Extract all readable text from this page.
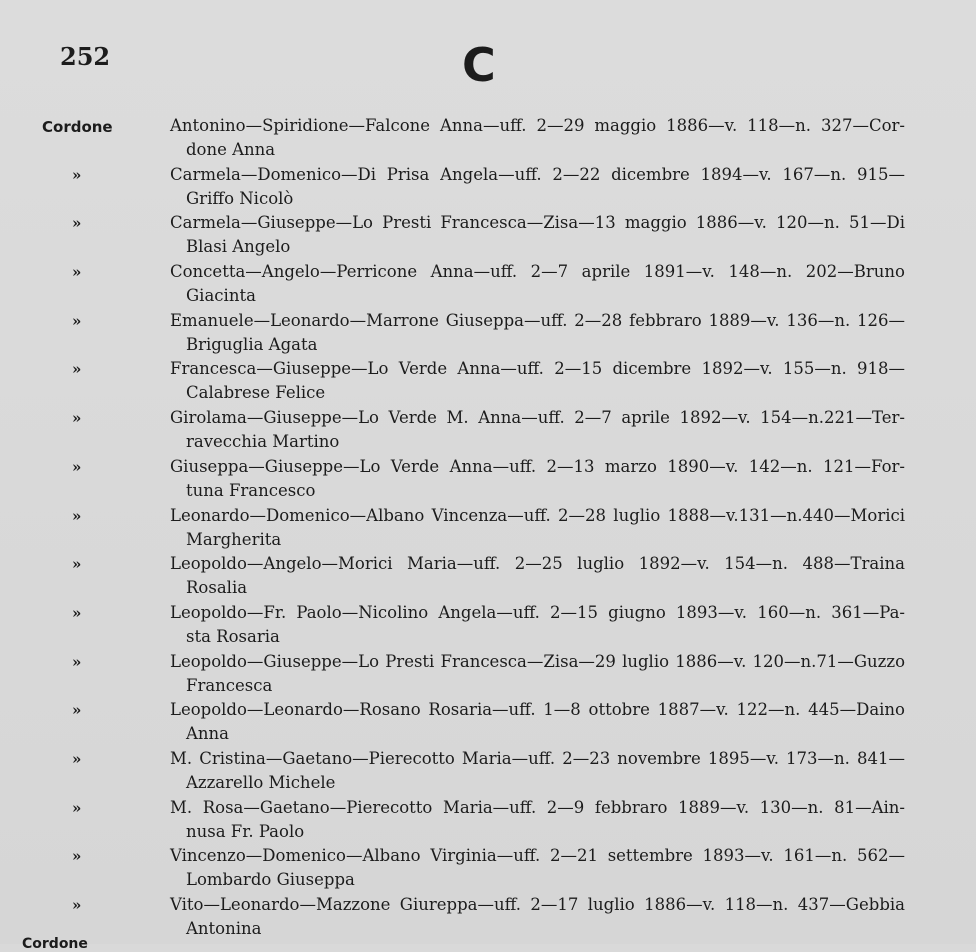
252	C
Cordone	Antonino—Spiridione—Falcone Anna—uff. 2—29 maggio 1886—v. 118—n. 327—Cor-
done Anna
»	Carmela—Domenico—Di Prisa Angela—uff. 2—22 dicembre 1894—v. 167—n. 915—
Griffo Nicolò
»	Carmela—Giuseppe—Lo Presti Francesca—Zisa—13 maggio 1886—v. 120—n. 51—Di
Blasi Angelo
»	Concetta—Angelo—Perricone Anna—uff. 2—7 aprile 1891—v. 148—n. 202—Bruno
Giacinta
»	Emanuele—Leonardo—Marrone Giuseppa—uff. 2—28 febbraro 1889—v. 136—n. 126—
Briguglia Agata
»	Francesca—Giuseppe—Lo Verde Anna—uff. 2—15 dicembre 1892—v. 155—n. 918—
Calabrese Felice
»	Girolama—Giuseppe—Lo Verde M. Anna—uff. 2—7 aprile 1892—v. 154—n.221—Ter-
ravecchia Martino
»	Giuseppa—Giuseppe—Lo Verde Anna—uff. 2—13 marzo 1890—v. 142—n. 121—For-
tuna Francesco
»	Leonardo—Domenico—Albano Vincenza—uff. 2—28 luglio 1888—v.131—n.440—Morici
Margherita
»	Leopoldo—Angelo—Morici Maria—uff. 2—25 luglio 1892—v. 154—n. 488—Traina
Rosalia
»	Leopoldo—Fr. Paolo—Nicolino Angela—uff. 2—15 giugno 1893—v. 160—n. 361—Pa-
sta Rosaria
»	Leopoldo—Giuseppe—Lo Presti Francesca—Zisa—29 luglio 1886—v. 120—n.71—Guzzo
Francesca
»	Leopoldo—Leonardo—Rosano Rosaria—uff. 1—8 ottobre 1887—v. 122—n. 445—Daino
Anna
»	M. Cristina—Gaetano—Pierecotto Maria—uff. 2—23 novembre 1895—v. 173—n. 841—
Azzarello Michele
»	M. Rosa—Gaetano—Pierecotto Maria—uff. 2—9 febbraro 1889—v. 130—n. 81—Ain-
nusa Fr. Paolo
»	Vincenzo—Domenico—Albano Virginia—uff. 2—21 settembre 1893—v. 161—n. 562—
Lombardo Giuseppa
»	Vito—Leonardo—Mazzone Giureppa—uff. 2—17 luglio 1886—v. 118—n. 437—Gebbia
Antonina
Cordone
